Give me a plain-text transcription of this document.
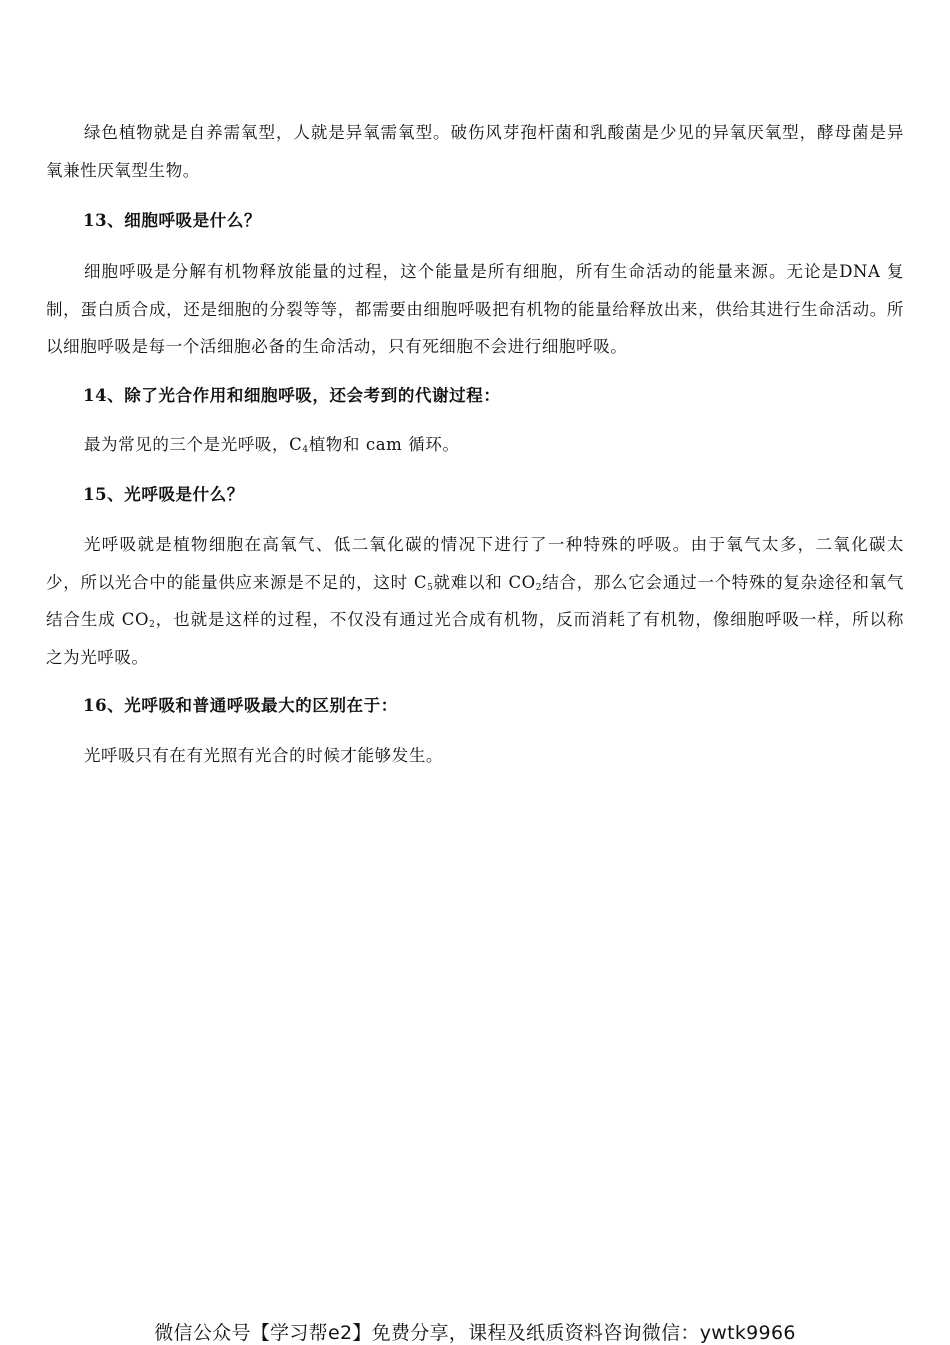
绿色植物就是自养需氧型，人就是异氧需氧型。破伤风芽孢杆菌和乳酸菌是少见的异氧厌氧型，酵母菌是异氧兼性厌氧型生物。

13、细胞呼吸是什么？

细胞呼吸是分解有机物释放能量的过程，这个能量是所有细胞，所有生命活动的能量来源。无论是DNA 复制，蛋白质合成，还是细胞的分裂等等，都需要由细胞呼吸把有机物的能量给释放出来，供给其进行生命活动。所以细胞呼吸是每一个活细胞必备的生命活动，只有死细胞不会进行细胞呼吸。

14、除了光合作用和细胞呼吸，还会考到的代谢过程：

最为常见的三个是光呼吸，$C_4$植物和 cam 循环。

15、光呼吸是什么？

光呼吸就是植物细胞在高氧气、低二氧化碳的情况下进行了一种特殊的呼吸。由于氧气太多，二氧化碳太少，所以光合中的能量供应来源是不足的，这时 $C_5$就难以和 $CO_2$结合，那么它会通过一个特殊的复杂途径和氧气结合生成 $CO_2$，也就是这样的过程，不仅没有通过光合成有机物，反而消耗了有机物，像细胞呼吸一样，所以称之为光呼吸。

16、光呼吸和普通呼吸最大的区别在于：

光呼吸只有在有光照有光合的时候才能够发生。

微信公众号【学习帮e2】免费分享，课程及纸质资料咨询微信：ywtk9966
